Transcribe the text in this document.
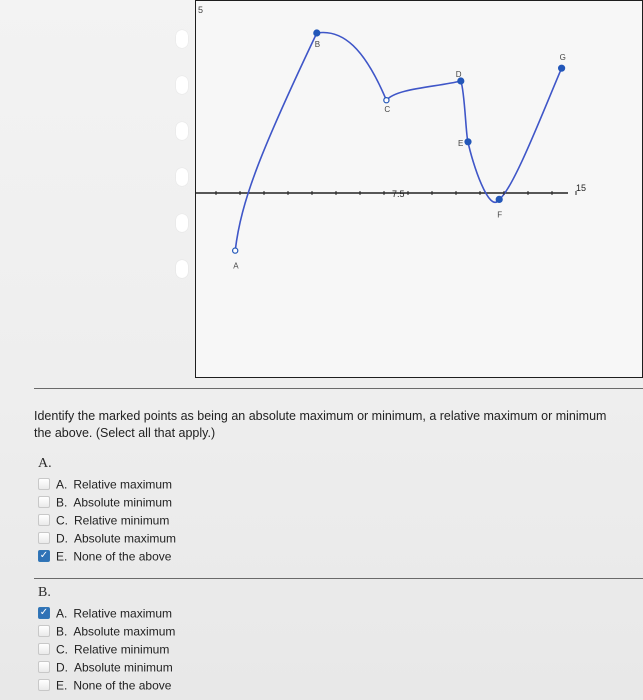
5
7.5
15
A
B
C
D
E
F
G
Identify the marked points as being an absolute maximum or minimum, a relative maximum or minimum
the above. (Select all that apply.)
A.
A. Relative maximum
B. Absolute minimum
C. Relative minimum
D. Absolute maximum
✓ E. None of the above
B.
✓ A. Relative maximum
B. Absolute maximum
C. Relative minimum
D. Absolute minimum
E. None of the above
